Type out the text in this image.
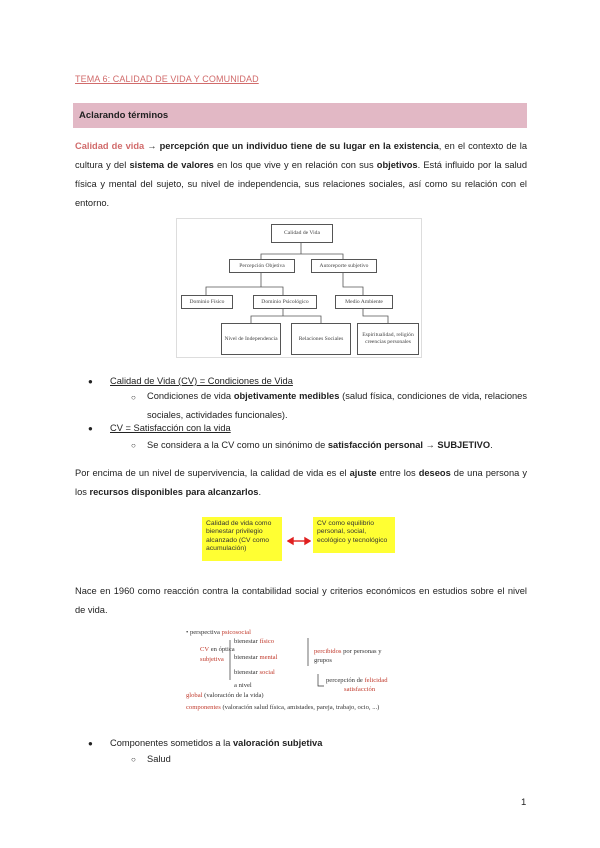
TEMA 6: CALIDAD DE VIDA Y COMUNIDAD
Aclarando términos
Calidad de vida → percepción que un individuo tiene de su lugar en la existencia, en el contexto de la cultura y del sistema de valores en los que vive y en relación con sus objetivos. Está influido por la salud física y mental del sujeto, su nivel de independencia, sus relaciones sociales, así como su relación con el entorno.
Calidad de Vida
Percepción Objetiva	Autoreporte subjetivo
Dominio Físico	Dominio Psicológico	Medio Ambiente
Nivel de Independencia	Relaciones Sociales
Espiritualidad, religión creencias personales
● Calidad de Vida (CV) = Condiciones de Vida
○ Condiciones de vida objetivamente medibles (salud física, condiciones de vida, relaciones sociales, actividades funcionales).
● CV = Satisfacción con la vida
○ Se considera a la CV como un sinónimo de satisfacción personal → SUBJETIVO.
Por encima de un nivel de supervivencia, la calidad de vida es el ajuste entre los deseos de una persona y los recursos disponibles para alcanzarlos.
Calidad de vida como bienestar privilegio alcanzado (CV como acumulación)
CV como equilibrio personal, social, ecológico y tecnológico
Nace en 1960 como reacción contra la contabilidad social y criterios económicos en estudios sobre el nivel de vida.
• perspectiva psicosocial
CV en óptica
subjetiva
bienestar físico
bienestar mental
bienestar social
a nivel
percibidos por personas y
grupos
percepción de felicidad
satisfacción
global (valoración de la vida)
componentes (valoración salud física, amistades, pareja, trabajo, ocio, ...)
● Componentes sometidos a la valoración subjetiva
○ Salud
1
